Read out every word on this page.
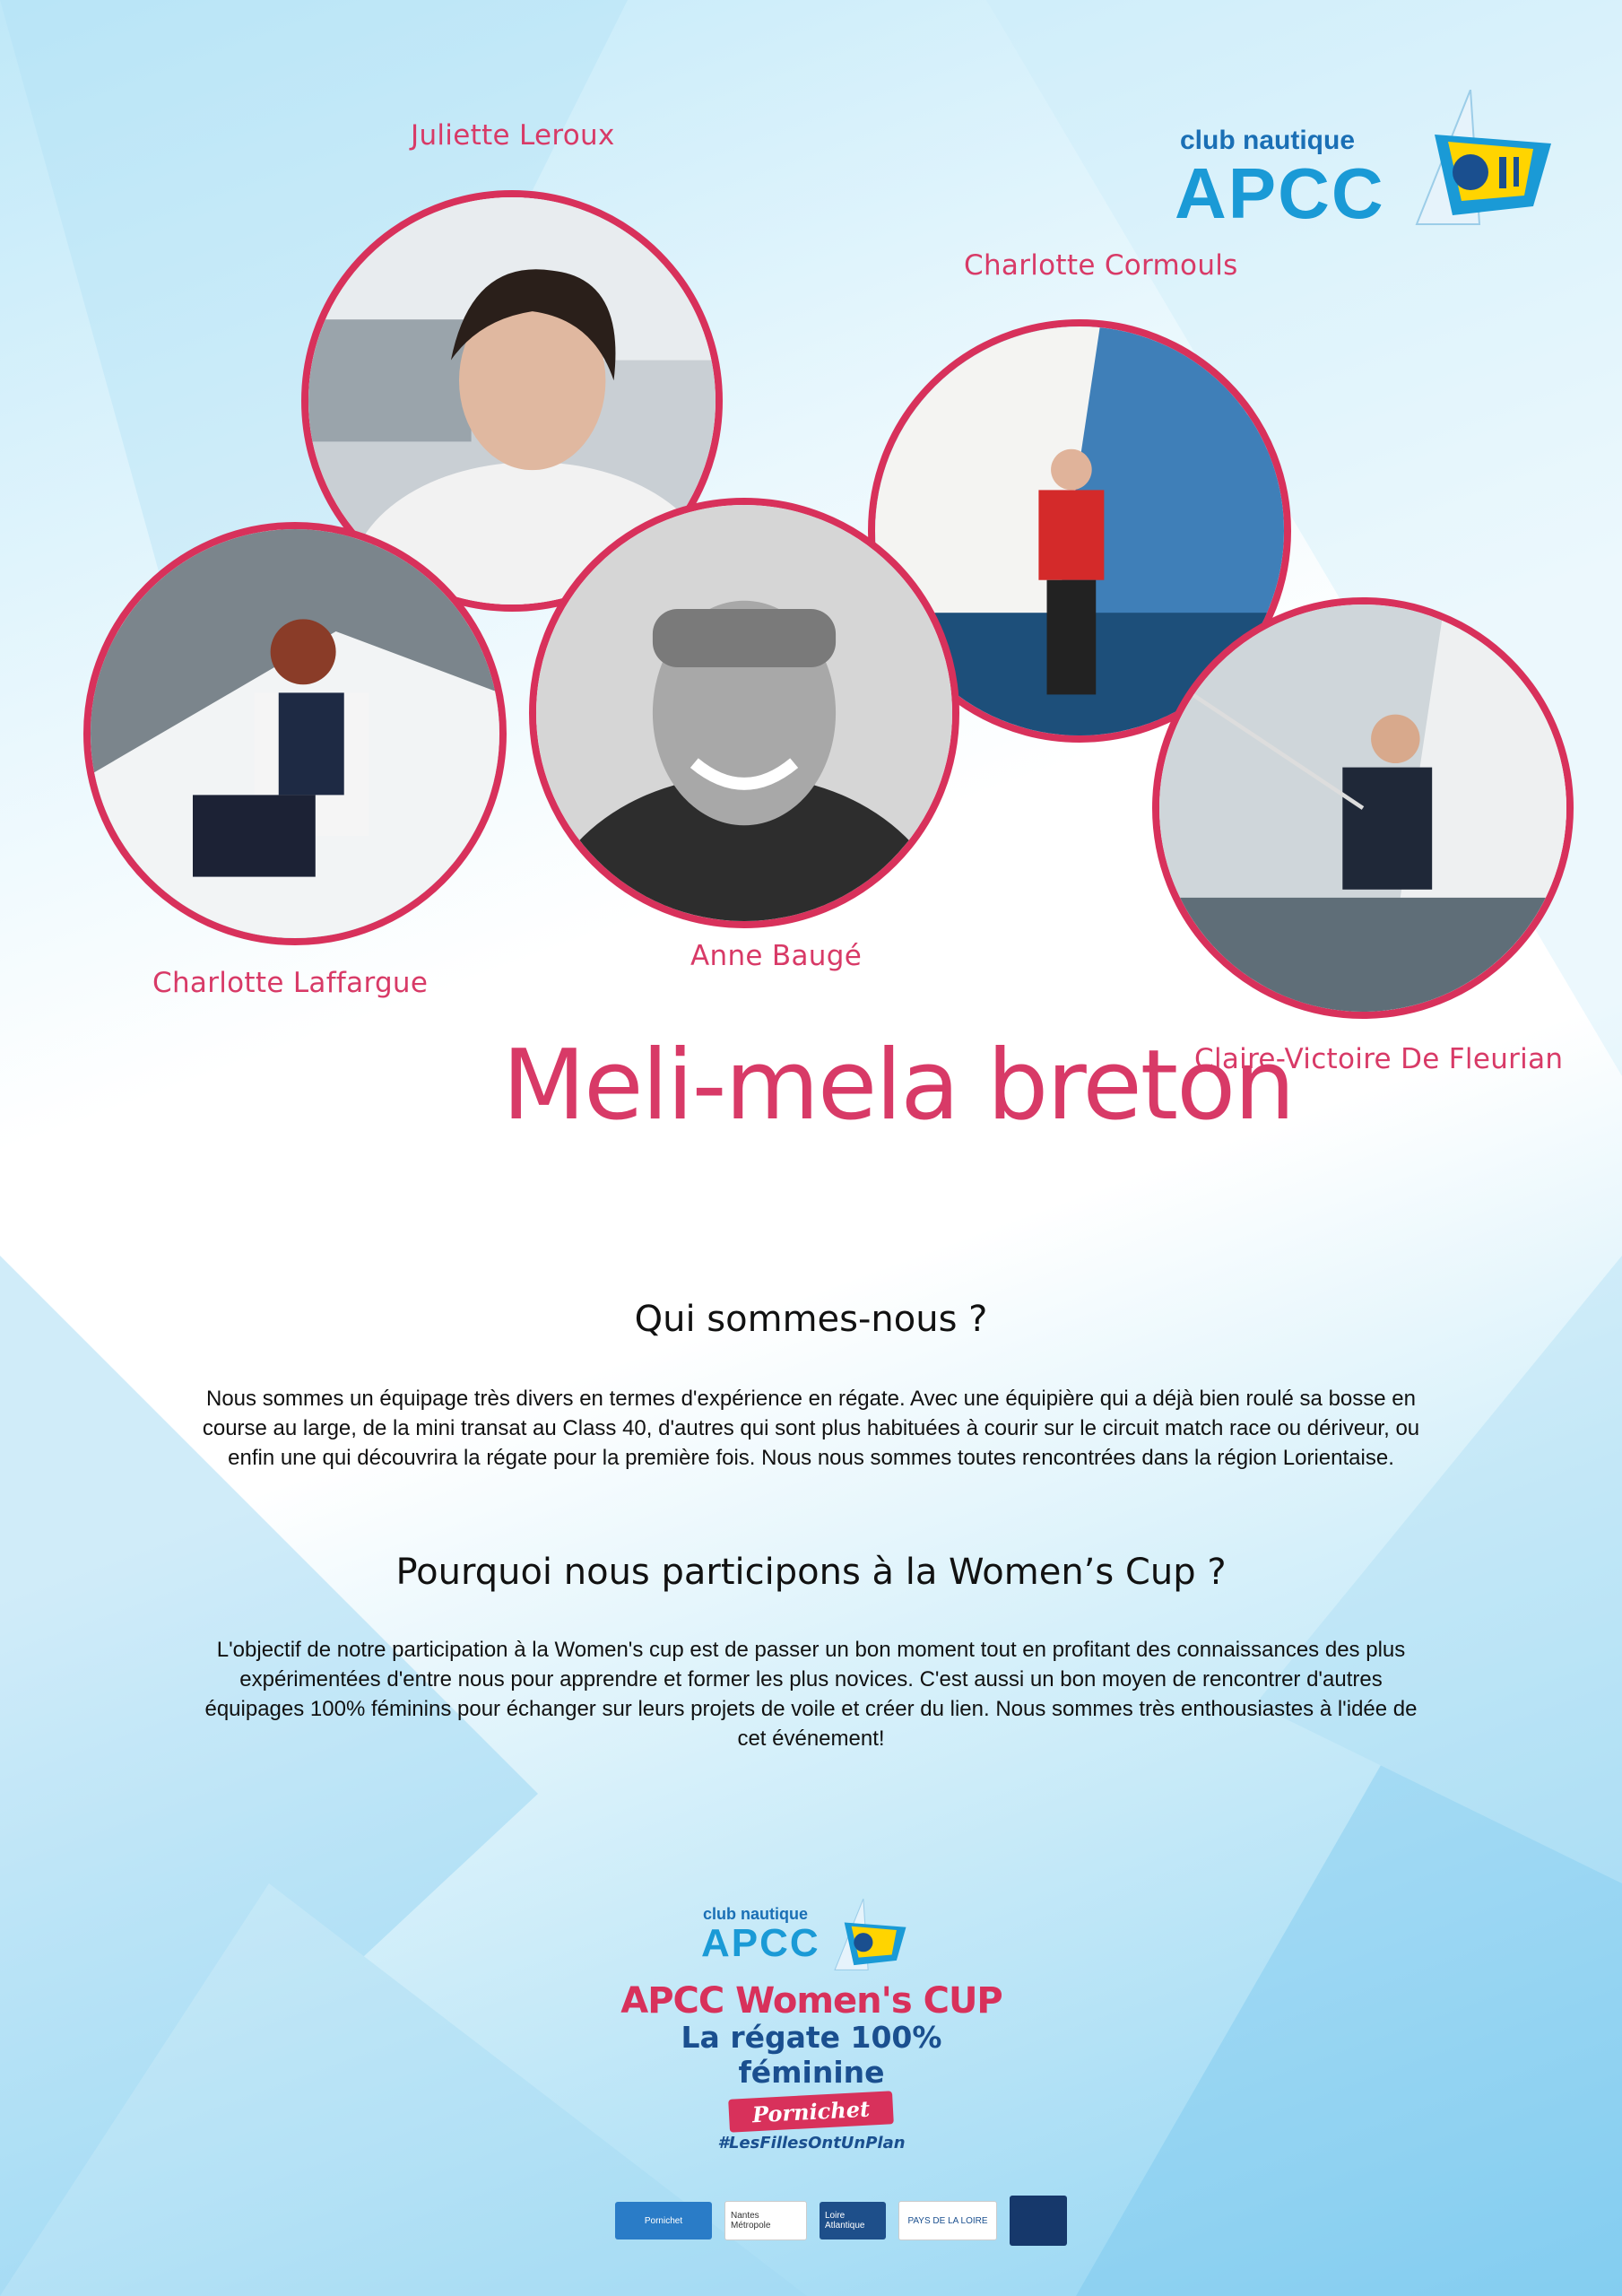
club nautique
APCC
Juliette Leroux
Charlotte Cormouls
Charlotte Laffargue
Anne Baugé
Claire-Victoire De Fleurian
Meli-mela breton
Qui sommes-nous ?
Nous sommes un équipage très divers en termes d'expérience en régate. Avec une équipière qui a déjà bien roulé sa bosse en course au large, de la mini transat au Class 40, d'autres qui sont plus habituées à courir sur le circuit match race ou dériveur, ou enfin une qui découvrira la régate pour la première fois. Nous nous sommes toutes rencontrées dans la région Lorientaise.
Pourquoi nous participons à la Women’s Cup ?
L'objectif de notre participation à la Women's cup est de passer un bon moment tout en profitant des connaissances des plus expérimentées d'entre nous pour apprendre et former les plus novices. C'est aussi un bon moyen de rencontrer d'autres équipages 100% féminins pour échanger sur leurs projets de voile et créer du lien. Nous sommes très enthousiastes à l'idée de cet événement!
club nautique
APCC
APCC Women's CUP
La régate 100% féminine
Pornichet
#LesFillesOntUnPlan
Pornichet	Nantes Métropole
Loire Atlantique	PAYS DE LA LOIRE
